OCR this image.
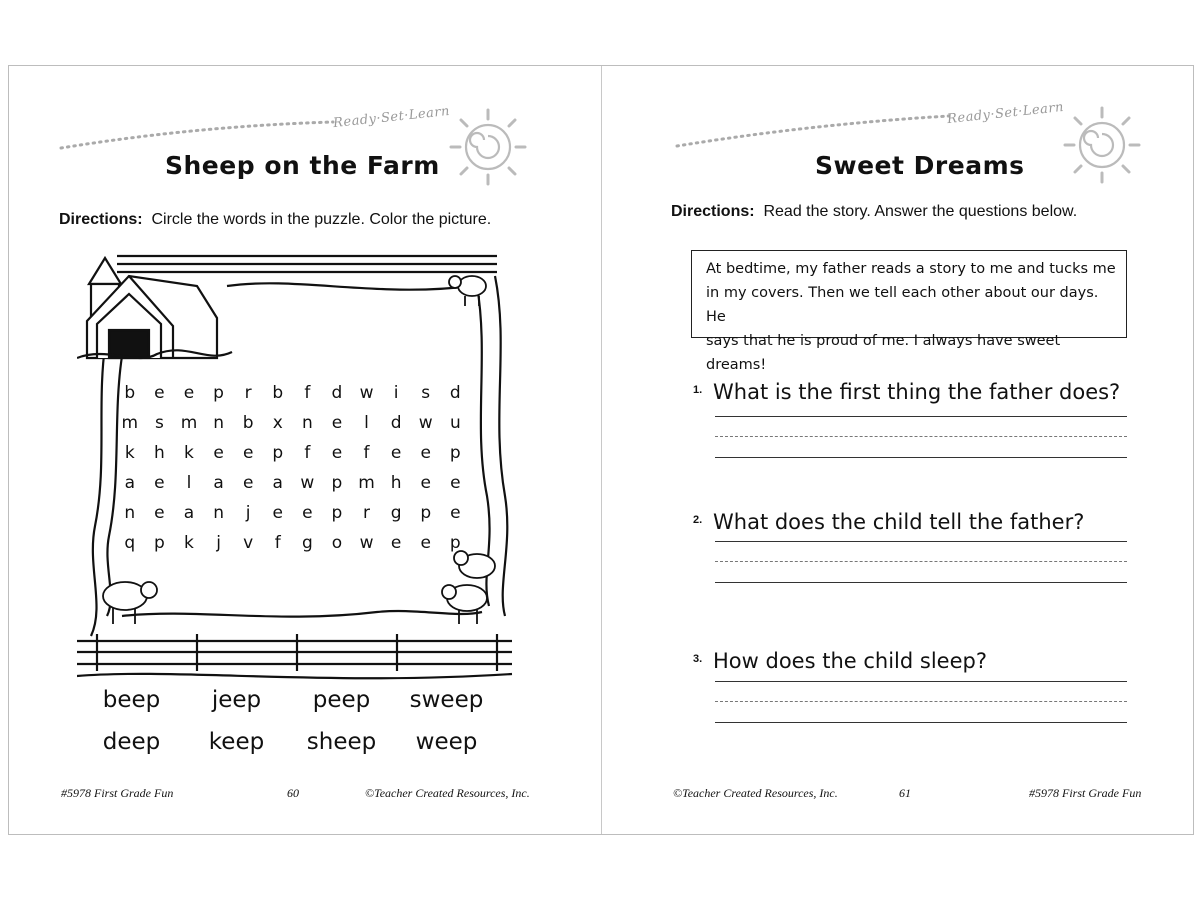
Ready·Set·Learn
Sheep on the Farm
Directions: Circle the words in the puzzle. Color the picture.
b	e	e	p	r	b	f	d	w	i	s	d
m s m n	b	x	n	e	l	d	w	u
k	h	k	e	e	p	f	e	f	e	e	p
a	e	l	a	e	a	w	p m h	e	e
n	e	a	n	j	e	e	p	r	g	p	e
q	p	k	j	v	f	g	o	w	e	e	p
beep	jeep	peep	sweep
deep	keep	sheep	weep
#5978 First Grade Fun	60	©Teacher Created Resources, Inc.
Ready·Set·Learn
Sweet Dreams
Directions: Read the story. Answer the questions below.
At bedtime, my father reads a story to me and tucks me
in my covers. Then we tell each other about our days. He
says that he is proud of me. I always have sweet dreams!
1. What is the first thing the father does?
2. What does the child tell the father?
3. How does the child sleep?
©Teacher Created Resources, Inc.	61	#5978 First Grade Fun
